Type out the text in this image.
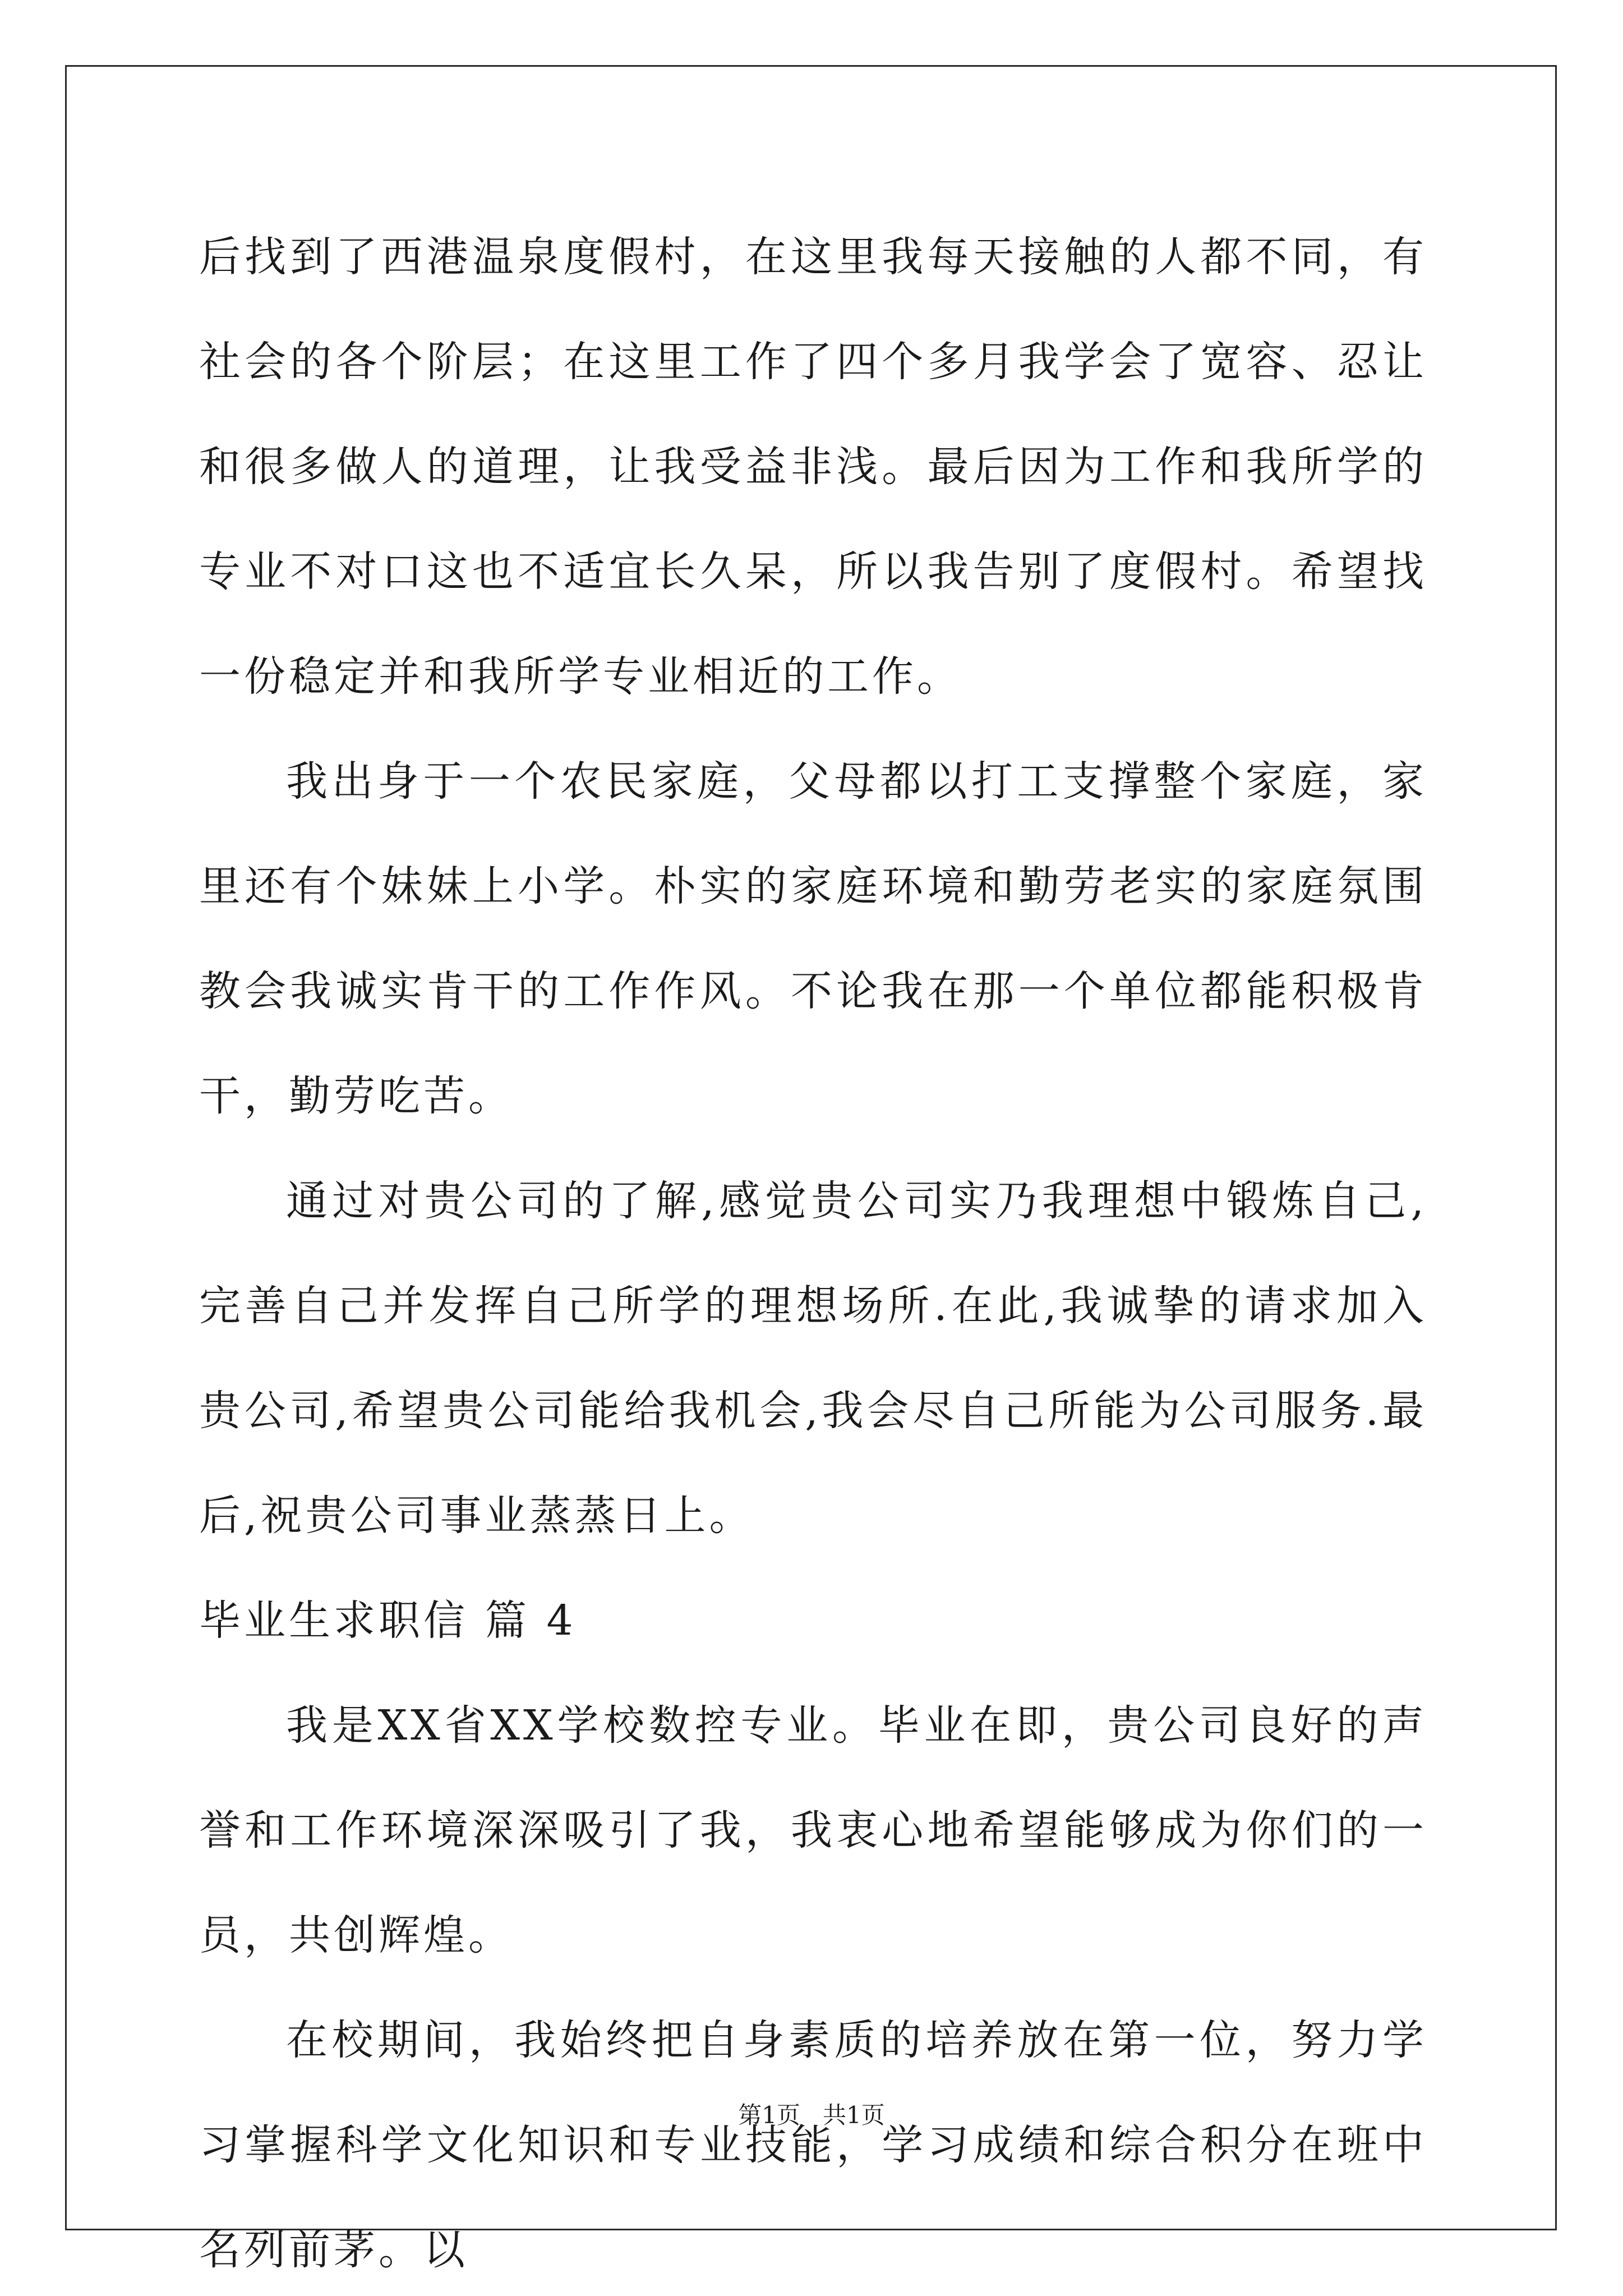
后找到了西港温泉度假村，在这里我每天接触的人都不同，有社会的各个阶层；在这里工作了四个多月我学会了宽容、忍让和很多做人的道理，让我受益非浅。最后因为工作和我所学的专业不对口这也不适宜长久呆，所以我告别了度假村。希望找一份稳定并和我所学专业相近的工作。

我出身于一个农民家庭，父母都以打工支撑整个家庭，家里还有个妹妹上小学。朴实的家庭环境和勤劳老实的家庭氛围教会我诚实肯干的工作作风。不论我在那一个单位都能积极肯干，勤劳吃苦。

通过对贵公司的了解,感觉贵公司实乃我理想中锻炼自己,完善自己并发挥自己所学的理想场所.在此,我诚挚的请求加入贵公司,希望贵公司能给我机会,我会尽自己所能为公司服务.最后,祝贵公司事业蒸蒸日上。

毕业生求职信 篇 4

我是XX省XX学校数控专业。毕业在即，贵公司良好的声誉和工作环境深深吸引了我，我衷心地希望能够成为你们的一员，共创辉煌。

在校期间，我始终把自身素质的培养放在第一位，努力学习掌握科学文化知识和专业技能，学习成绩和综合积分在班中名列前茅。以

第1页 共1页
